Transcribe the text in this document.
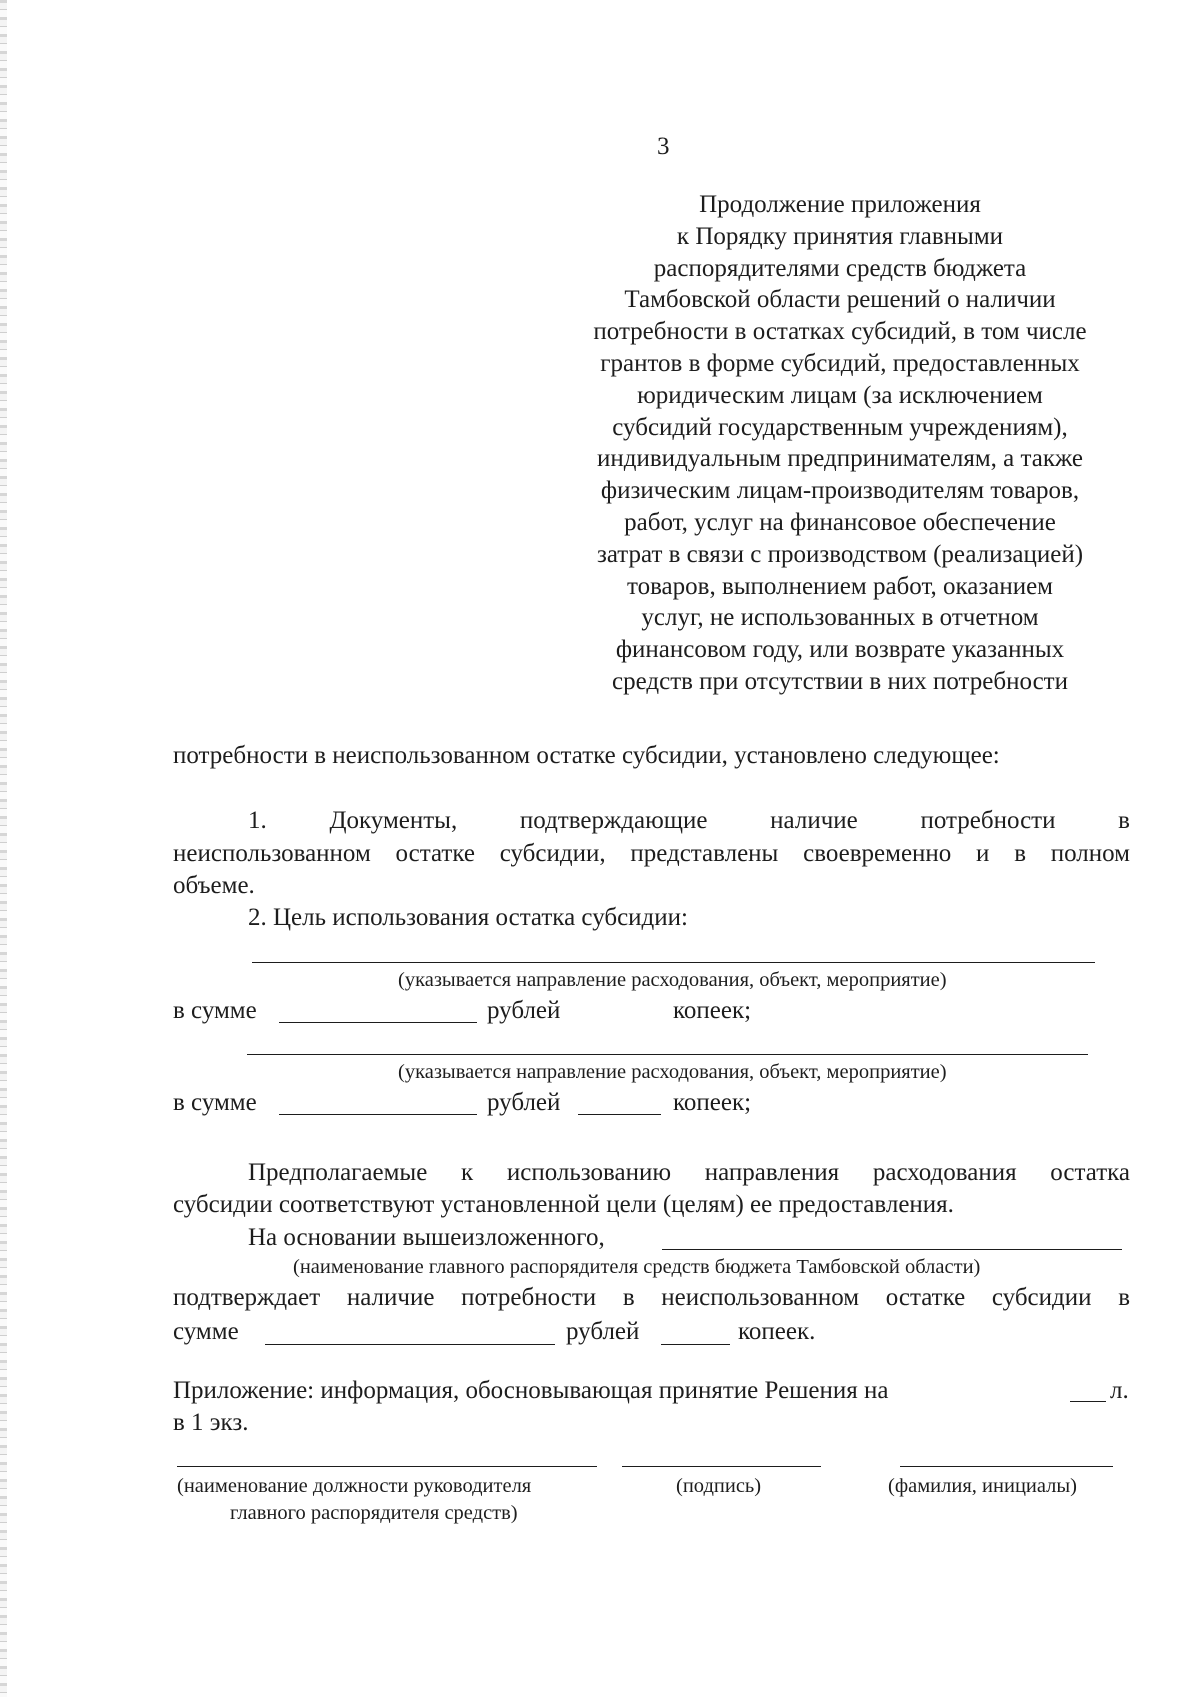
3
Продолжение приложения
к Порядку принятия главными
распорядителями средств бюджета
Тамбовской области решений о наличии
потребности в остатках субсидий, в том числе
грантов в форме субсидий, предоставленных
юридическим лицам (за исключением
субсидий государственным учреждениям),
индивидуальным предпринимателям, а также
физическим лицам-производителям товаров,
работ, услуг на финансовое обеспечение
затрат в связи с производством (реализацией)
товаров, выполнением работ, оказанием
услуг, не использованных в отчетном
финансовом году, или возврате указанных
средств при отсутствии в них потребности
потребности в неиспользованном остатке субсидии, установлено следующее:
1.	Документы,	подтверждающие	наличие	потребности	в
неиспользованном остатке субсидии, представлены своевременно и в полном
объеме.
2. Цель использования остатка субсидии:
(указывается направление расходования, объект, мероприятие)
в сумме	рублей	копеек;
(указывается направление расходования, объект, мероприятие)
в сумме	рублей	копеек;
Предполагаемые к использованию направления расходования остатка
субсидии соответствуют установленной цели (целям) ее предоставления.
На основании вышеизложенного,
(наименование главного распорядителя средств бюджета Тамбовской области)
подтверждает наличие потребности в неиспользованном остатке субсидии в
сумме	рублей	копеек.
Приложение: информация, обосновывающая принятие Решения на	л.
в 1 экз.
(наименование должности руководителя
главного распорядителя средств)
(подпись)	(фамилия, инициалы)
